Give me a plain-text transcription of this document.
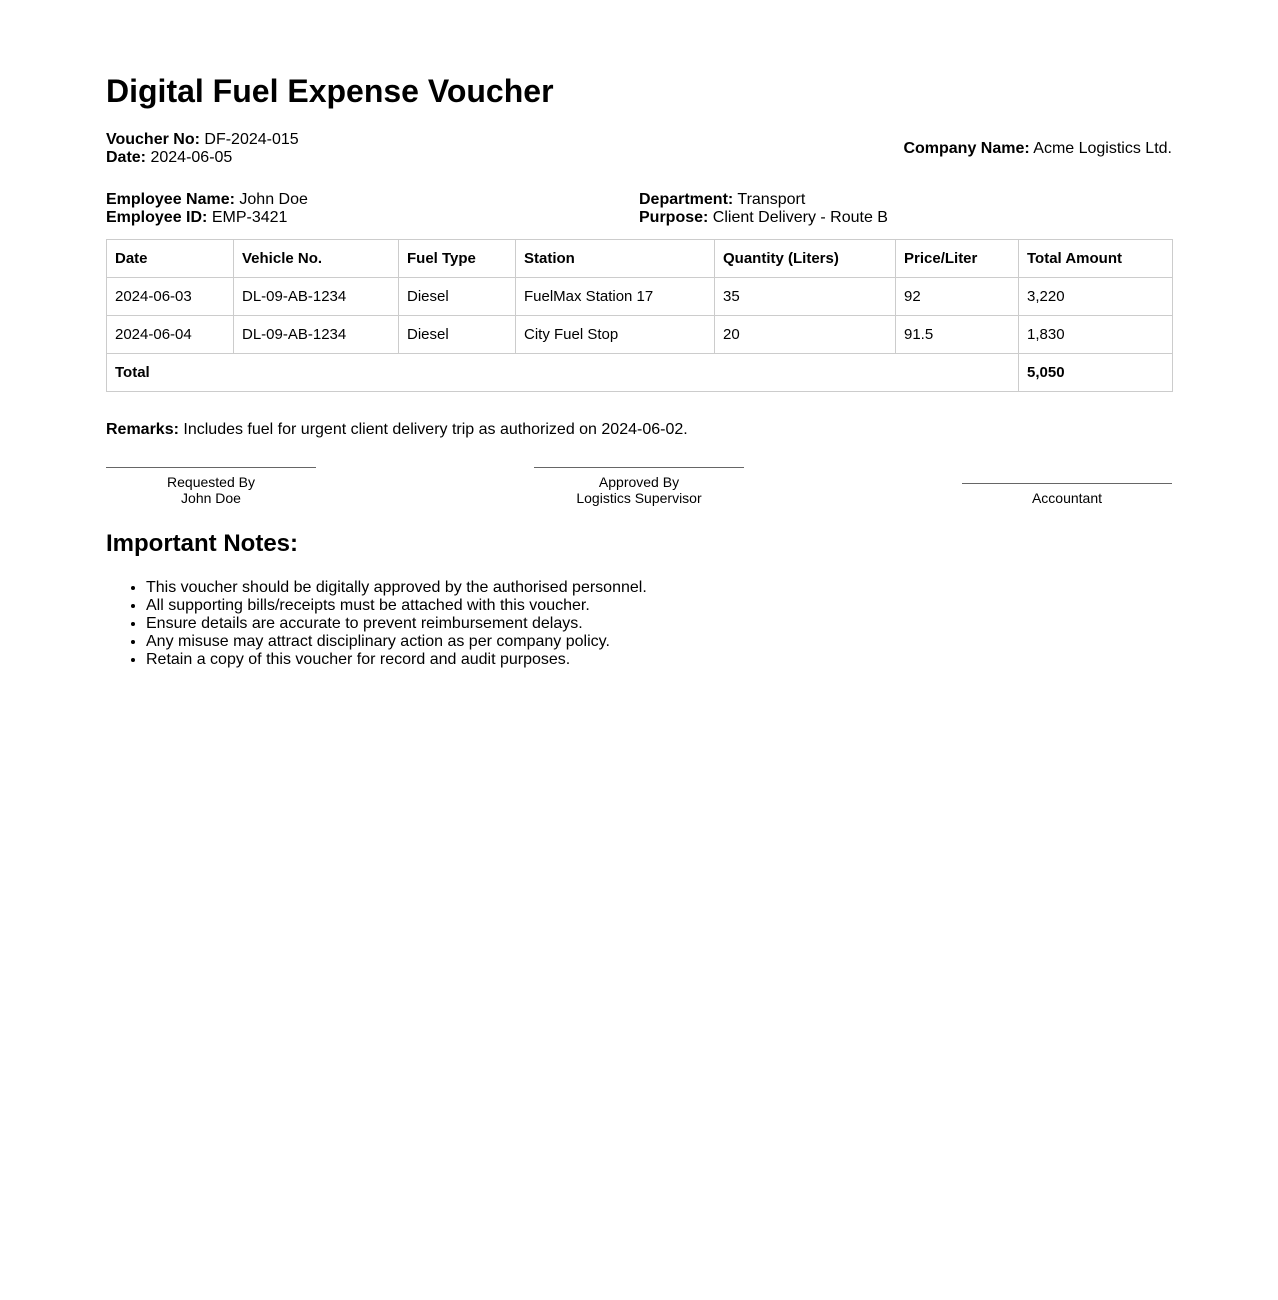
Digital Fuel Expense Voucher
Voucher No: DF-2024-015
Date: 2024-06-05
Company Name: Acme Logistics Ltd.
Employee Name: John Doe
Employee ID: EMP-3421
Department: Transport
Purpose: Client Delivery - Route B
Date	Vehicle No.	Fuel Type	Station	Quantity (Liters)	Price/Liter	Total Amount
2024-06-03	DL-09-AB-1234	Diesel	FuelMax Station 17	35	92	3,220
2024-06-04	DL-09-AB-1234	Diesel	City Fuel Stop	20	91.5	1,830
Total						5,050
Remarks: Includes fuel for urgent client delivery trip as authorized on 2024-06-02.
Requested By
John Doe
Approved By
Logistics Supervisor	Accountant
Important Notes:
• This voucher should be digitally approved by the authorised personnel.
• All supporting bills/receipts must be attached with this voucher.
• Ensure details are accurate to prevent reimbursement delays.
• Any misuse may attract disciplinary action as per company policy.
• Retain a copy of this voucher for record and audit purposes.
